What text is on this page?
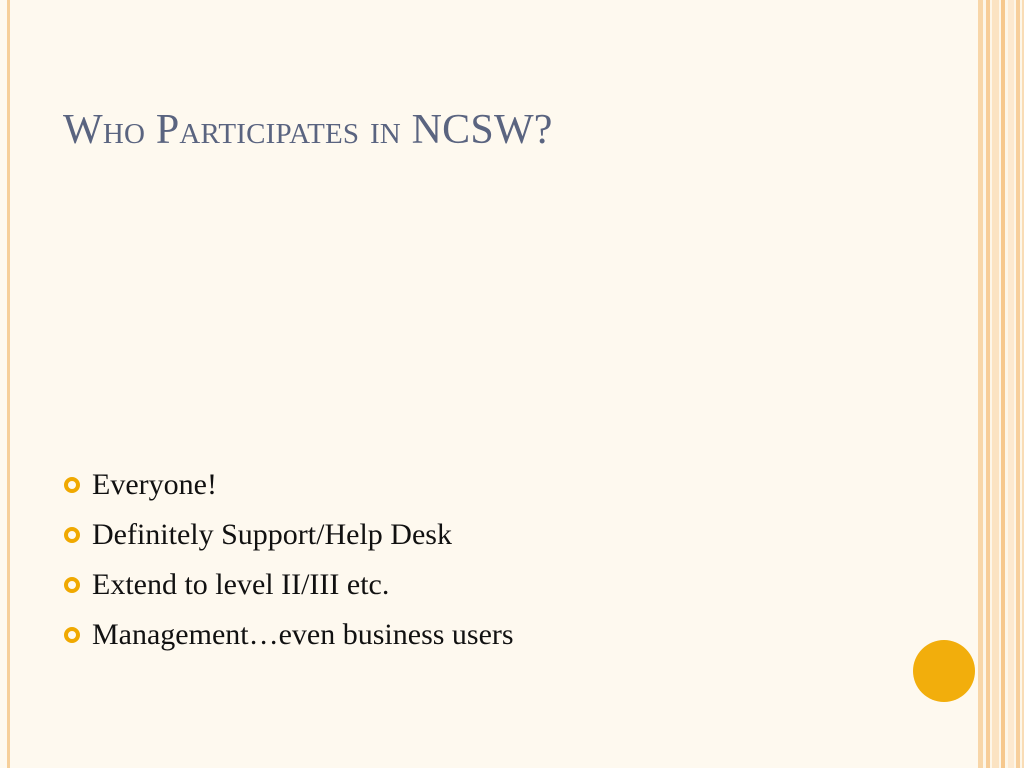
Who Participates in NCSW?
Everyone!
Definitely Support/Help Desk
Extend to level II/III etc.
Management…even business users
